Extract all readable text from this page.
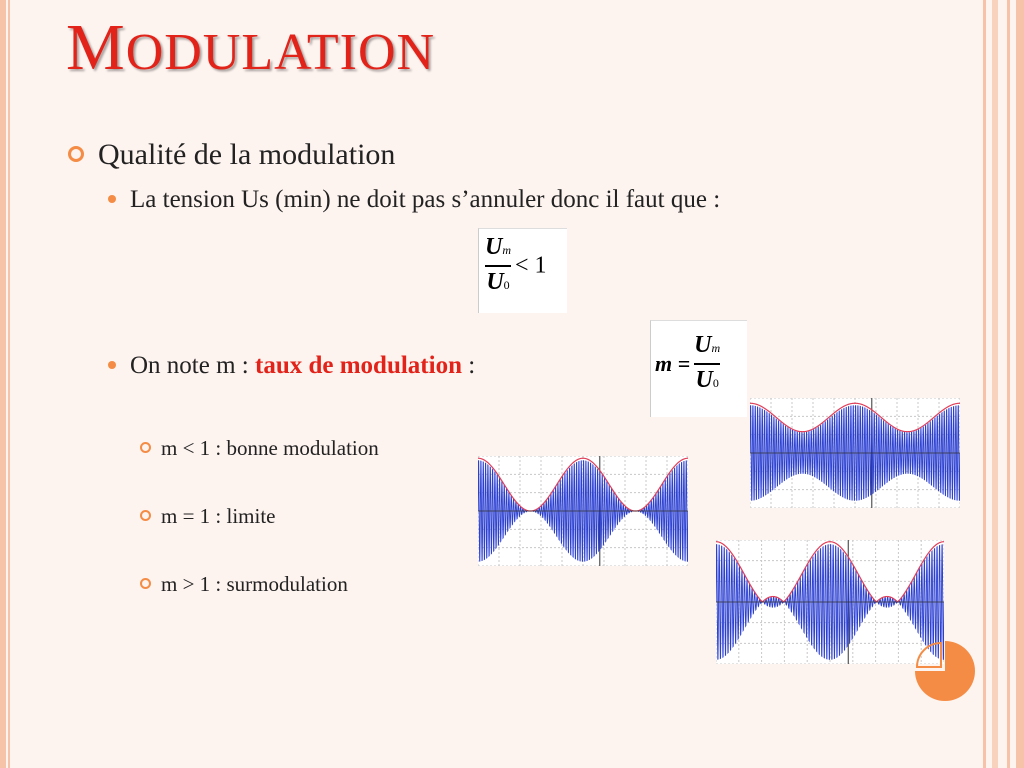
MODULATION
Qualité de la modulation
La tension Us (min) ne doit pas s’annuler donc il faut que :
On note m : taux de modulation :
$\frac{Um}{U0} < 1$
$m = \frac{Um}{U0}$
m < 1 : bonne modulation
m = 1 : limite
m > 1 : surmodulation
